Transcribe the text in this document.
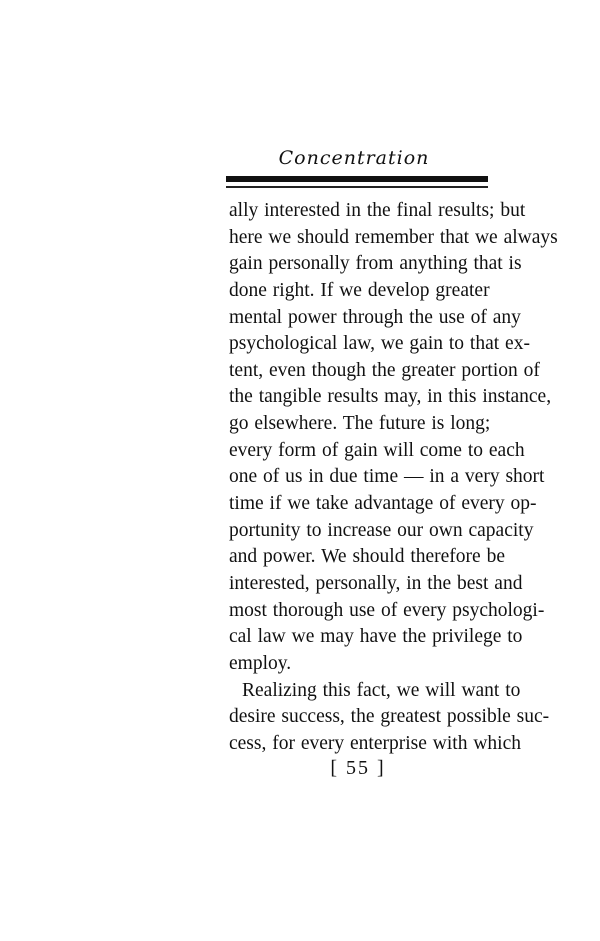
Concentration
ally interested in the final results; but
here we should remember that we always
gain personally from anything that is
done right. If we develop greater
mental power through the use of any
psychological law, we gain to that ex-
tent, even though the greater portion of
the tangible results may, in this instance,
go elsewhere. The future is long;
every form of gain will come to each
one of us in due time — in a very short
time if we take advantage of every op-
portunity to increase our own capacity
and power. We should therefore be
interested, personally, in the best and
most thorough use of every psychologi-
cal law we may have the privilege to
employ.
Realizing this fact, we will want to
desire success, the greatest possible suc-
cess, for every enterprise with which
[ 55 ]
